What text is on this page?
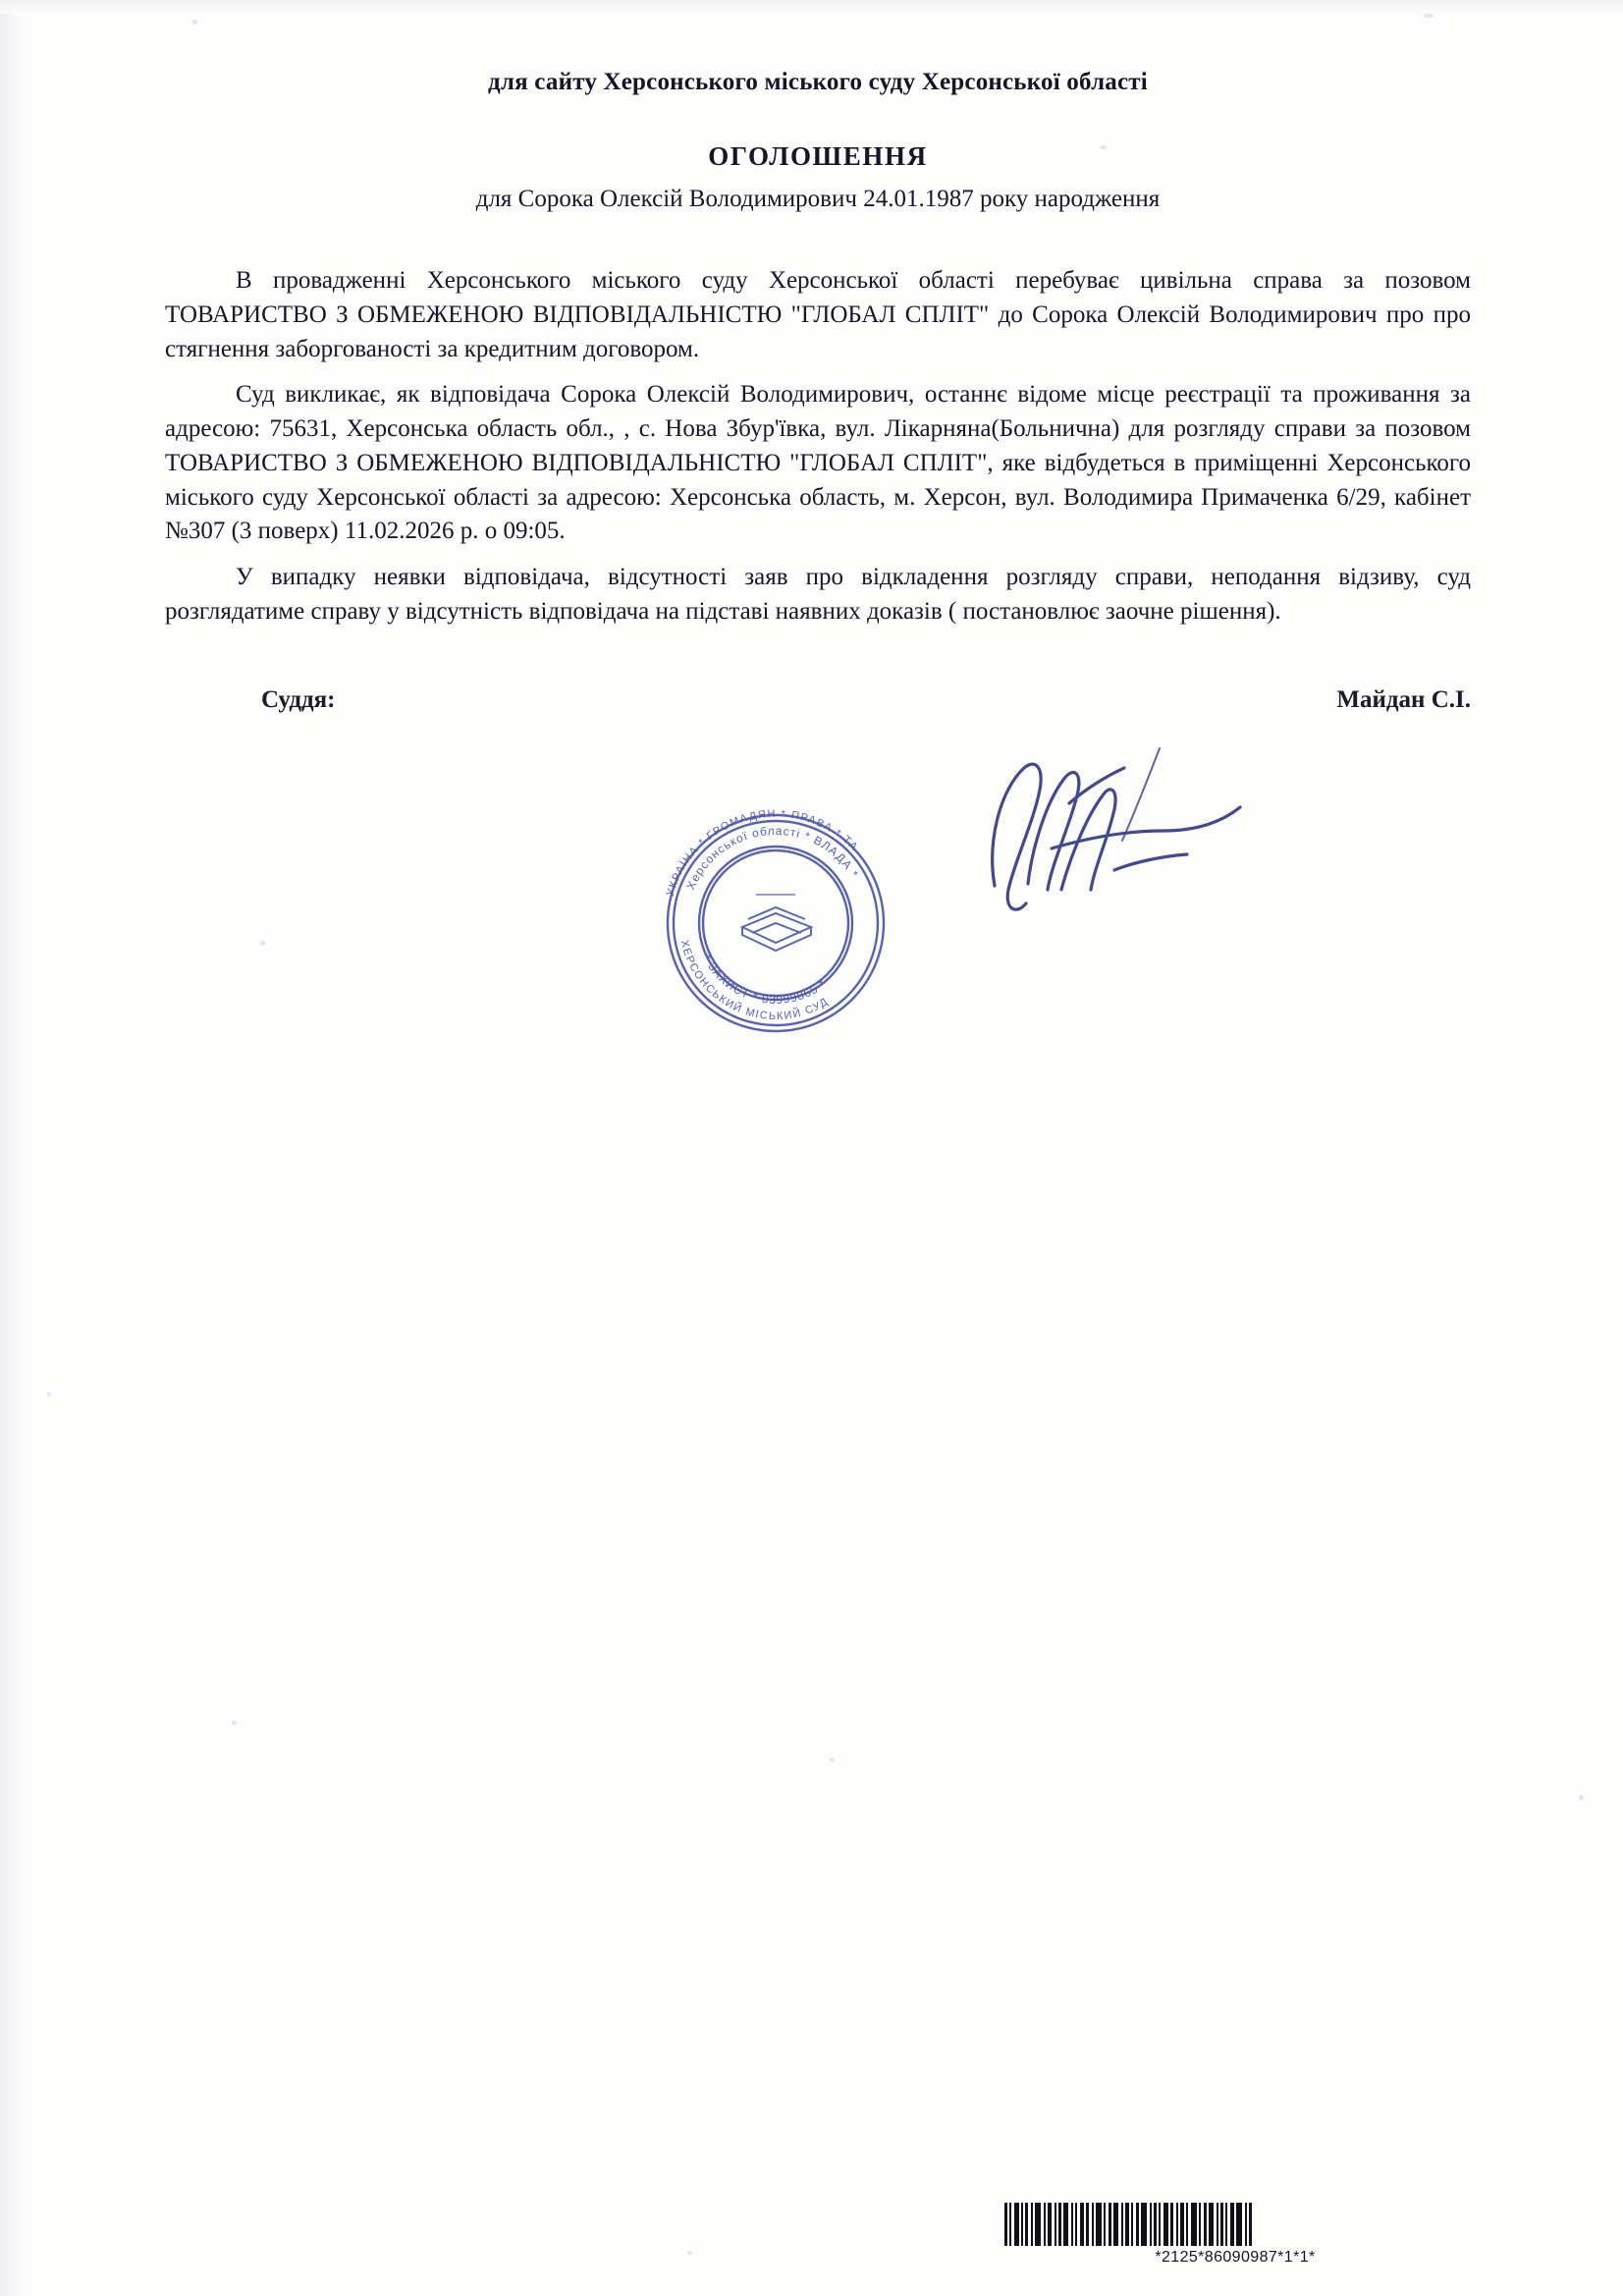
для сайту Херсонського міського суду Херсонської області
ОГОЛОШЕННЯ
для Сорока Олексій Володимирович 24.01.1987 року народження

В провадженні Херсонського міського суду Херсонської області перебуває цивільна справа за позовом ТОВАРИСТВО З ОБМЕЖЕНОЮ ВІДПОВІДАЛЬНІСТЮ "ГЛОБАЛ СПЛІТ" до Сорока Олексій Володимирович про про стягнення заборгованості за кредитним договором.

Суд викликає, як відповідача Сорока Олексій Володимирович, останнє відоме місце реєстрації та проживання за адресою: 75631, Херсонська область обл., , с. Нова Збур'ївка, вул. Лікарняна(Больнична) для розгляду справи за позовом ТОВАРИСТВО З ОБМЕЖЕНОЮ ВІДПОВІДАЛЬНІСТЮ "ГЛОБАЛ СПЛІТ", яке відбудеться в приміщенні Херсонського міського суду Херсонської області за адресою: Херсонська область, м. Херсон, вул. Володимира Примаченка 6/29, кабінет №307 (3 поверх) 11.02.2026 р. о 09:05.

У випадку неявки відповідача, відсутності заяв про відкладення розгляду справи, неподання відзиву, суд розглядатиме справу у відсутність відповідача на підставі наявних доказів ( постановлює заочне рішення).

Суддя:	Майдан С.І.
УКРАЇНА * ГРОМАДЯН * ПРАВА * ТА
ХЕРСОНСЬКИЙ МІСЬКИЙ СУД
Херсонської області * ВЛАДА *
* ЗАХИСТ * 03999865 *
*2125*86090987*1*1*
